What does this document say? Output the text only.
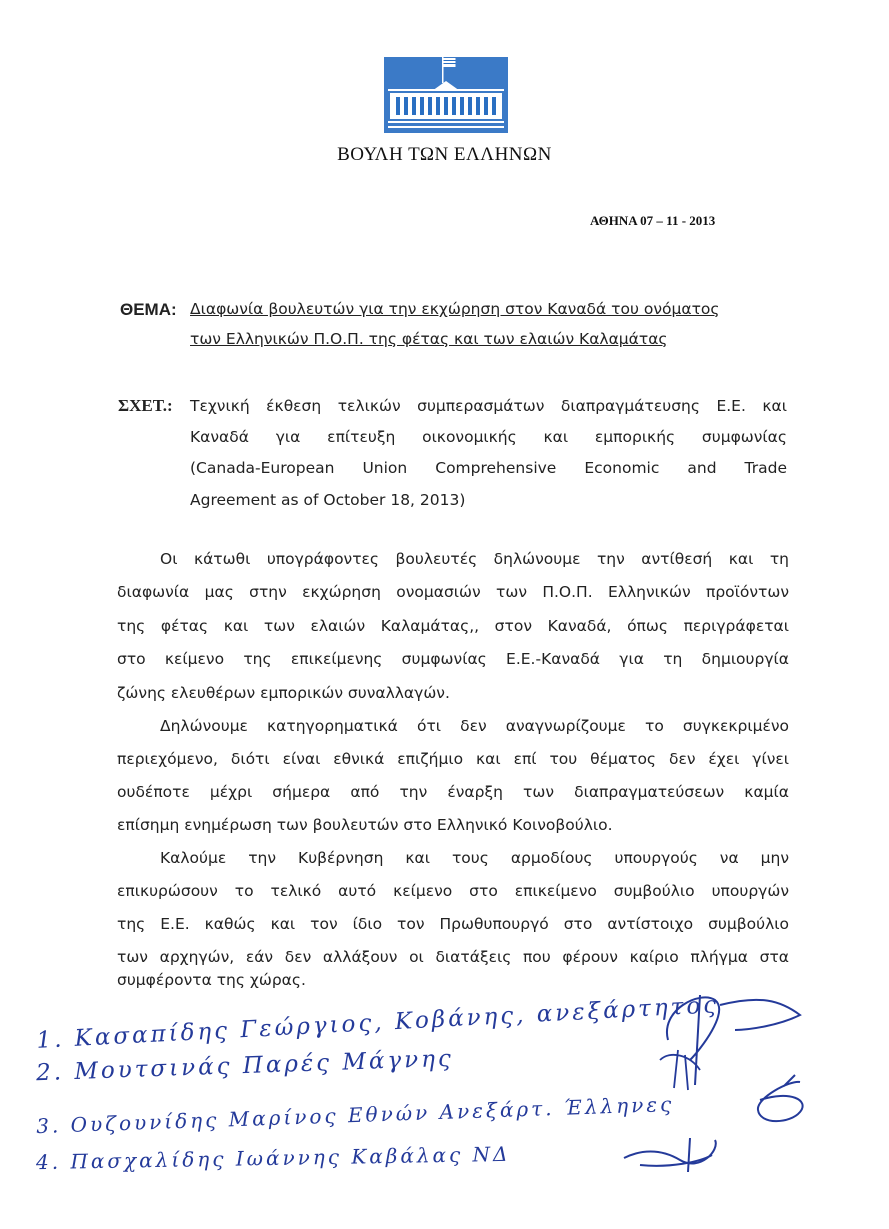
ΒΟΥΛΗ ΤΩΝ ΕΛΛΗΝΩΝ
ΑΘΗΝΑ 07 – 11 - 2013
ΘΕΜΑ: Διαφωνία βουλευτών για την εκχώρηση στον Καναδά του ονόματος
των Ελληνικών Π.Ο.Π. της φέτας και των ελαιών Καλαμάτας
ΣΧΕΤ.: Τεχνική έκθεση τελικών συμπερασμάτων διαπραγμάτευσης Ε.Ε. και
Καναδά για επίτευξη οικονομικής και εμπορικής συμφωνίας
(Canada-European Union Comprehensive Economic and Trade
Agreement as of October 18, 2013)
Οι κάτωθι υπογράφοντες βουλευτές δηλώνουμε την αντίθεσή και τη
διαφωνία μας στην εκχώρηση ονομασιών των Π.Ο.Π. Ελληνικών προϊόντων
της φέτας και των ελαιών Καλαμάτας,, στον Καναδά, όπως περιγράφεται
στο κείμενο της επικείμενης συμφωνίας Ε.Ε.-Καναδά για τη δημιουργία
ζώνης ελευθέρων εμπορικών συναλλαγών.
Δηλώνουμε κατηγορηματικά ότι δεν αναγνωρίζουμε το συγκεκριμένο
περιεχόμενο, διότι είναι εθνικά επιζήμιο και επί του θέματος δεν έχει γίνει
ουδέποτε μέχρι σήμερα από την έναρξη των διαπραγματεύσεων καμία
επίσημη ενημέρωση των βουλευτών στο Ελληνικό Κοινοβούλιο.
Καλούμε την Κυβέρνηση και τους αρμοδίους υπουργούς να μην
επικυρώσουν το τελικό αυτό κείμενο στο επικείμενο συμβούλιο υπουργών
της Ε.Ε. καθώς και τον ίδιο τον Πρωθυπουργό στο αντίστοιχο συμβούλιο
των αρχηγών, εάν δεν αλλάξουν οι διατάξεις που φέρουν καίριο πλήγμα στα
συμφέροντα της χώρας.
1. Κασαπίδης Γεώργιος, Κοβάνης, ανεξάρτητος
2. Μουτσινάς Παρές Μάγνης
3. Ουζουνίδης Μαρίνος Εθνών Ανεξάρτ. Έλληνες
4. Πασχαλίδης Ιωάννης Καβάλας ΝΔ
